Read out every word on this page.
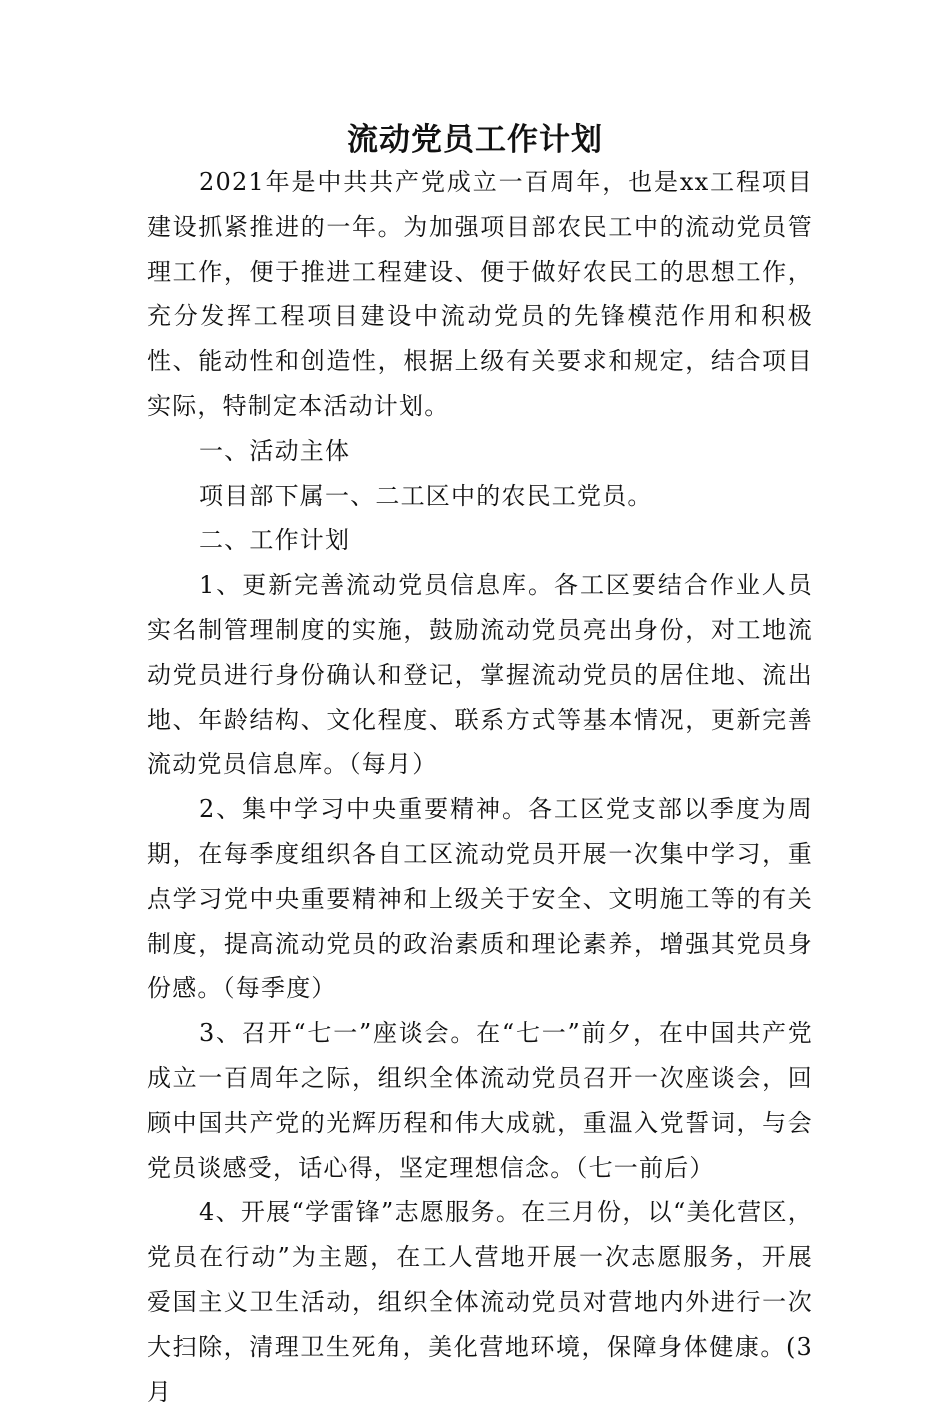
流动党员工作计划

2021年是中共共产党成立一百周年，也是xx工程项目建设抓紧推进的一年。为加强项目部农民工中的流动党员管理工作，便于推进工程建设、便于做好农民工的思想工作，充分发挥工程项目建设中流动党员的先锋模范作用和积极性、能动性和创造性，根据上级有关要求和规定，结合项目实际，特制定本活动计划。

一、活动主体

项目部下属一、二工区中的农民工党员。

二、工作计划

1、更新完善流动党员信息库。各工区要结合作业人员实名制管理制度的实施，鼓励流动党员亮出身份，对工地流动党员进行身份确认和登记，掌握流动党员的居住地、流出地、年龄结构、文化程度、联系方式等基本情况，更新完善流动党员信息库。（每月）

2、集中学习中央重要精神。各工区党支部以季度为周期，在每季度组织各自工区流动党员开展一次集中学习，重点学习党中央重要精神和上级关于安全、文明施工等的有关制度，提高流动党员的政治素质和理论素养，增强其党员身份感。（每季度）

3、召开“七一”座谈会。在“七一”前夕，在中国共产党成立一百周年之际，组织全体流动党员召开一次座谈会，回顾中国共产党的光辉历程和伟大成就，重温入党誓词，与会党员谈感受，话心得，坚定理想信念。（七一前后）

4、开展“学雷锋”志愿服务。在三月份，以“美化营区，党员在行动”为主题，在工人营地开展一次志愿服务，开展爱国主义卫生活动，组织全体流动党员对营地内外进行一次大扫除，清理卫生死角，美化营地环境，保障身体健康。(3月
